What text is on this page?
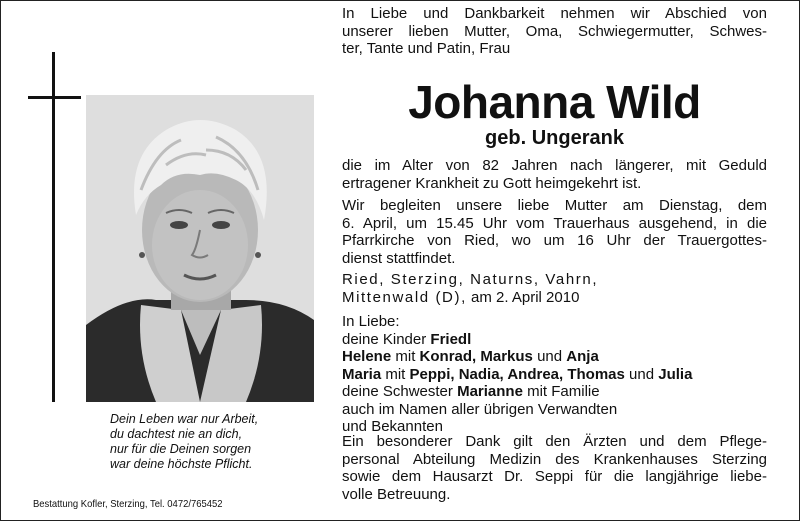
Dein Leben war nur Arbeit,
du dachtest nie an dich,
nur für die Deinen sorgen
war deine höchste Pflicht.
Bestattung Kofler, Sterzing, Tel. 0472/765452
In Liebe und Dankbarkeit nehmen wir Abschied von
unserer lieben Mutter, Oma, Schwiegermutter, Schwes-
ter, Tante und Patin, Frau
Johanna Wild
geb. Ungerank
die im Alter von 82 Jahren nach längerer, mit Geduld
ertragener Krankheit zu Gott heimgekehrt ist.
Wir begleiten unsere liebe Mutter am Dienstag, dem
6. April, um 15.45 Uhr vom Trauerhaus ausgehend, in die
Pfarrkirche von Ried, wo um 16 Uhr der Trauergottes-
dienst stattfindet.
Ried, Sterzing, Naturns, Vahrn,
Mittenwald (D), am 2. April 2010
In Liebe:
deine Kinder Friedl
Helene mit Konrad, Markus und Anja
Maria mit Peppi, Nadia, Andrea, Thomas und Julia
deine Schwester Marianne mit Familie
auch im Namen aller übrigen Verwandten
und Bekannten
Ein besonderer Dank gilt den Ärzten und dem Pflege-
personal Abteilung Medizin des Krankenhauses Sterzing
sowie dem Hausarzt Dr. Seppi für die langjährige liebe-
volle Betreuung.
